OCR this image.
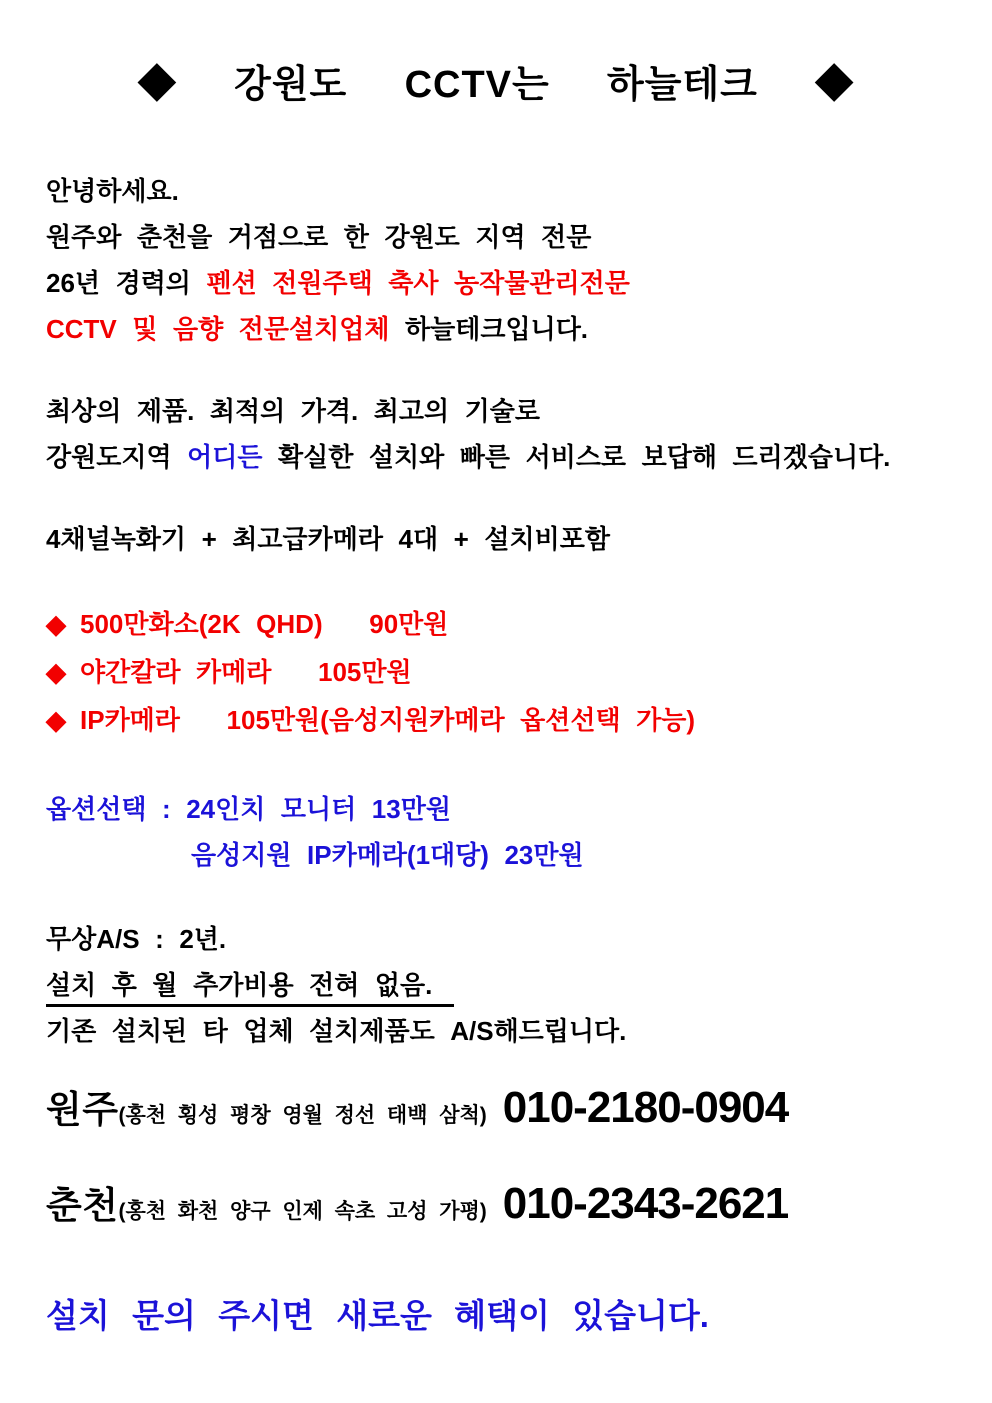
◆  강원도  CCTV는  하늘테크  ◆
안녕하세요.
원주와 춘천을 거점으로 한 강원도 지역 전문
26년 경력의 펜션 전원주택 축사 농작물관리전문
CCTV 및 음향 전문설치업체 하늘테크입니다.
최상의 제품. 최적의 가격. 최고의 기술로
강원도지역 어디든 확실한 설치와 빠른 서비스로 보답해 드리겠습니다.
4채널녹화기 + 최고급카메라 4대 + 설치비포함
◆ 500만화소(2K QHD)   90만원
◆ 야간칼라 카메라   105만원
◆ IP카메라   105만원(음성지원카메라 옵션선택 가능)
옵션선택 : 24인치 모니터 13만원
음성지원 IP카메라(1대당) 23만원
무상A/S : 2년.
설치 후 월 추가비용 전혀 없음.
기존 설치된 타 업체 설치제품도 A/S해드립니다.
원주(홍천 횡성 평창 영월 정선 태백 삼척) 010-2180-0904
춘천(홍천 화천 양구 인제 속초 고성 가평) 010-2343-2621
설치 문의 주시면 새로운 혜택이 있습니다.
